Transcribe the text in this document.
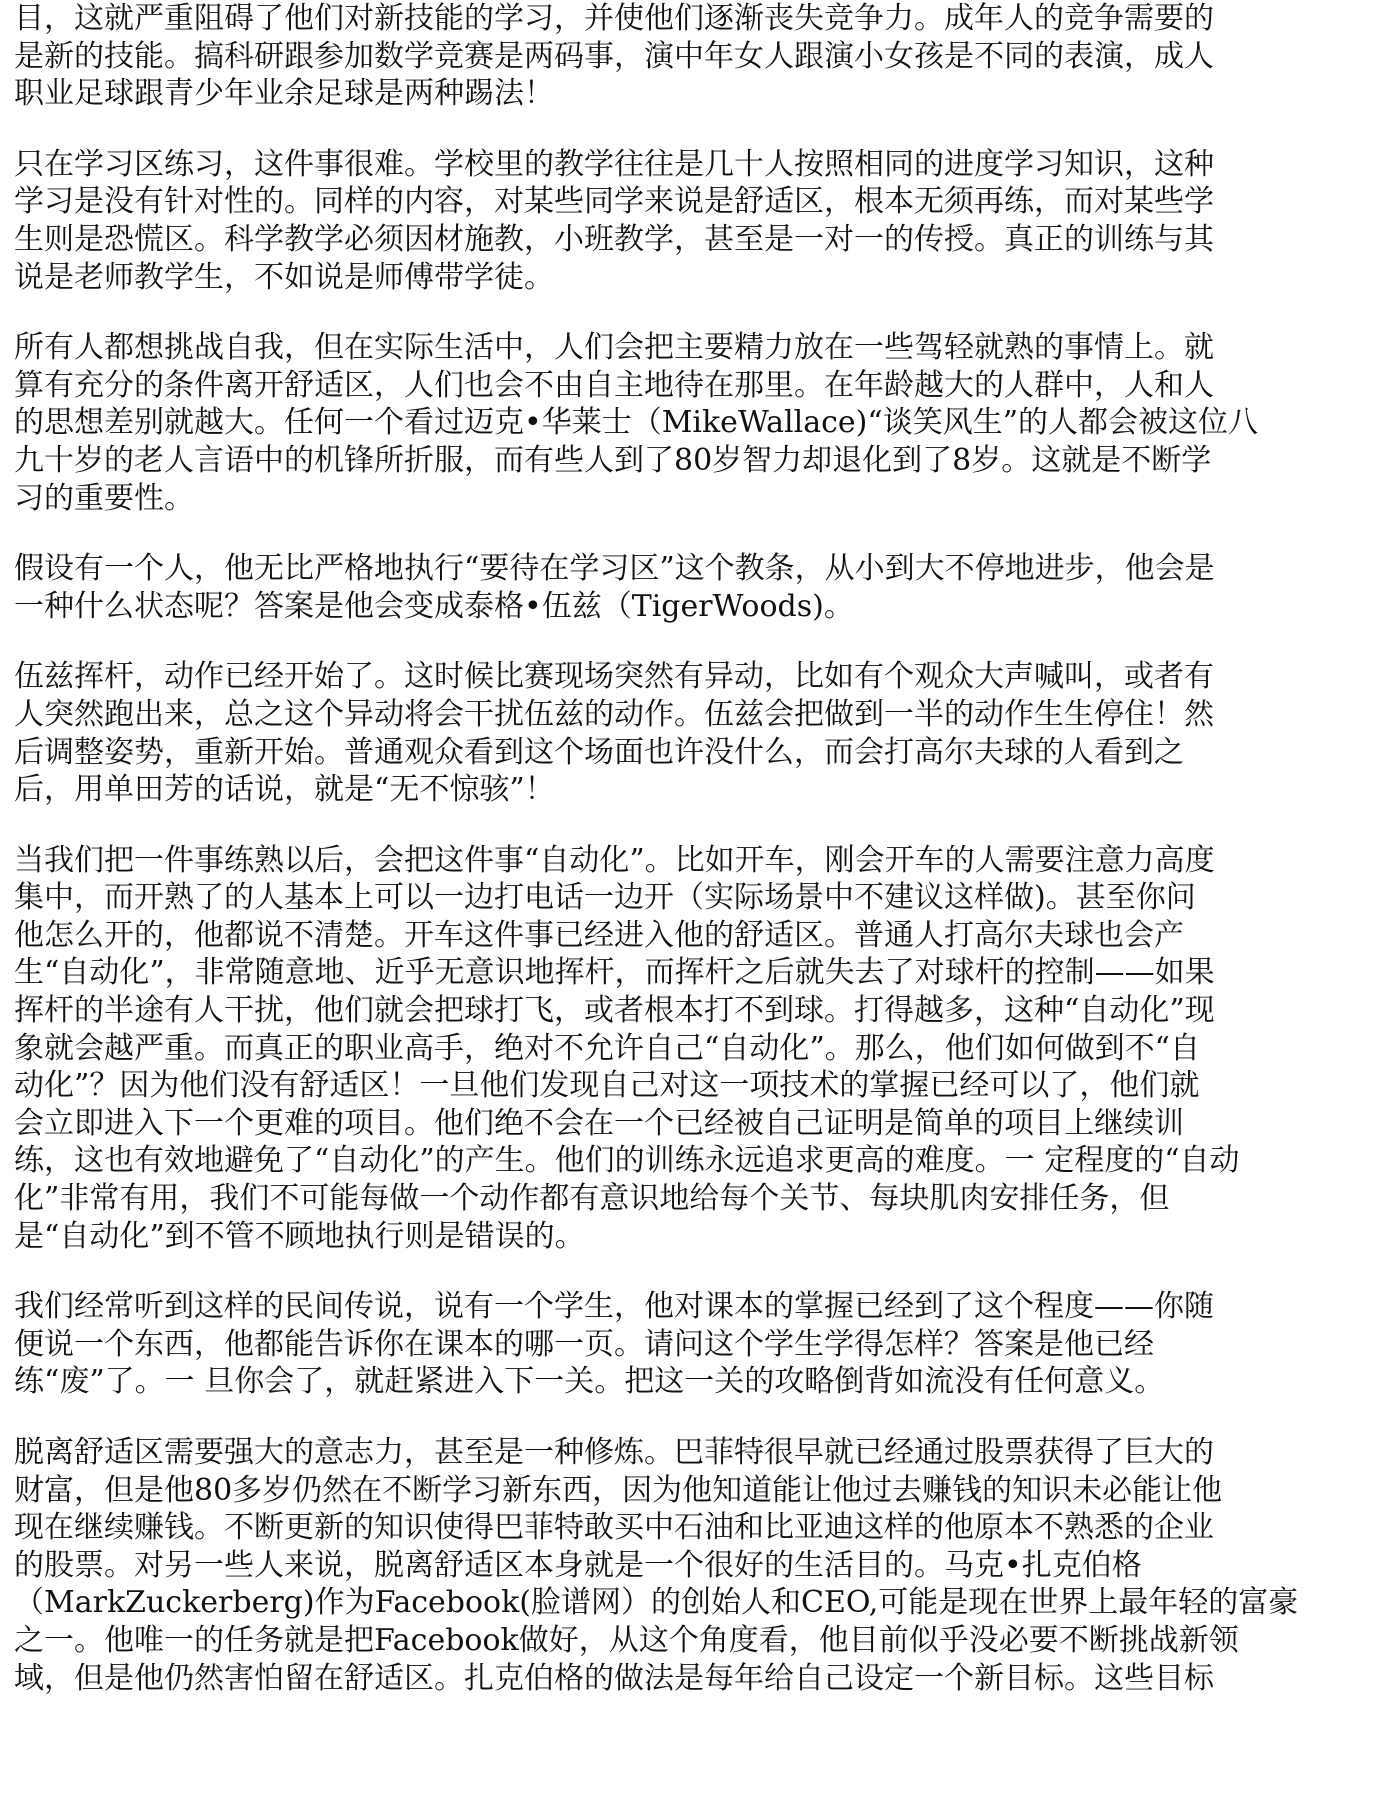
目，这就严重阻碍了他们对新技能的学习，并使他们逐渐丧失竞争力。成年人的竞争需要的
是新的技能。搞科研跟参加数学竞赛是两码事，演中年女人跟演小女孩是不同的表演，成人
职业足球跟青少年业余足球是两种踢法！
只在学习区练习，这件事很难。学校里的教学往往是几十人按照相同的进度学习知识，这种
学习是没有针对性的。同样的内容，对某些同学来说是舒适区，根本无须再练，而对某些学
生则是恐慌区。科学教学必须因材施教，小班教学，甚至是一对一的传授。真正的训练与其
说是老师教学生，不如说是师傅带学徒。
所有人都想挑战自我，但在实际生活中，人们会把主要精力放在一些驾轻就熟的事情上。就
算有充分的条件离开舒适区，人们也会不由自主地待在那里。在年龄越大的人群中，人和人
的思想差别就越大。任何一个看过迈克•华莱士（MikeWallace)“谈笑风生”的人都会被这位八
九十岁的老人言语中的机锋所折服，而有些人到了80岁智力却退化到了8岁。这就是不断学
习的重要性。
假设有一个人，他无比严格地执行“要待在学习区”这个教条，从小到大不停地进步，他会是
一种什么状态呢？答案是他会变成泰格•伍兹（TigerWoods)。
伍兹挥杆，动作已经开始了。这时候比赛现场突然有异动，比如有个观众大声喊叫，或者有
人突然跑出来，总之这个异动将会干扰伍兹的动作。伍兹会把做到一半的动作生生停住！然
后调整姿势，重新开始。普通观众看到这个场面也许没什么，而会打高尔夫球的人看到之
后，用单田芳的话说，就是“无不惊骇”！
当我们把一件事练熟以后，会把这件事“自动化”。比如开车，刚会开车的人需要注意力高度
集中，而开熟了的人基本上可以一边打电话一边开（实际场景中不建议这样做)。甚至你问
他怎么开的，他都说不清楚。开车这件事已经进入他的舒适区。普通人打高尔夫球也会产
生“自动化”，非常随意地、近乎无意识地挥杆，而挥杆之后就失去了对球杆的控制——如果
挥杆的半途有人干扰，他们就会把球打飞，或者根本打不到球。打得越多，这种“自动化”现
象就会越严重。而真正的职业高手，绝对不允许自己“自动化”。那么，他们如何做到不“自
动化”？因为他们没有舒适区！一旦他们发现自己对这一项技术的掌握已经可以了，他们就
会立即进入下一个更难的项目。他们绝不会在一个已经被自己证明是简单的项目上继续训
练，这也有效地避免了“自动化”的产生。他们的训练永远追求更高的难度。一 定程度的“自动
化”非常有用，我们不可能每做一个动作都有意识地给每个关节、每块肌肉安排任务，但
是“自动化”到不管不顾地执行则是错误的。
我们经常听到这样的民间传说，说有一个学生，他对课本的掌握已经到了这个程度——你随
便说一个东西，他都能告诉你在课本的哪一页。请问这个学生学得怎样？答案是他已经
练“废”了。一 旦你会了，就赶紧进入下一关。把这一关的攻略倒背如流没有任何意义。
脱离舒适区需要强大的意志力，甚至是一种修炼。巴菲特很早就已经通过股票获得了巨大的
财富，但是他80多岁仍然在不断学习新东西，因为他知道能让他过去赚钱的知识未必能让他
现在继续赚钱。不断更新的知识使得巴菲特敢买中石油和比亚迪这样的他原本不熟悉的企业
的股票。对另一些人来说，脱离舒适区本身就是一个很好的生活目的。马克•扎克伯格
（MarkZuckerberg)作为Facebook(脸谱网）的创始人和CEO,可能是现在世界上最年轻的富豪
之一。他唯一的任务就是把Facebook做好，从这个角度看，他目前似乎没必要不断挑战新领
域，但是他仍然害怕留在舒适区。扎克伯格的做法是每年给自己设定一个新目标。这些目标
